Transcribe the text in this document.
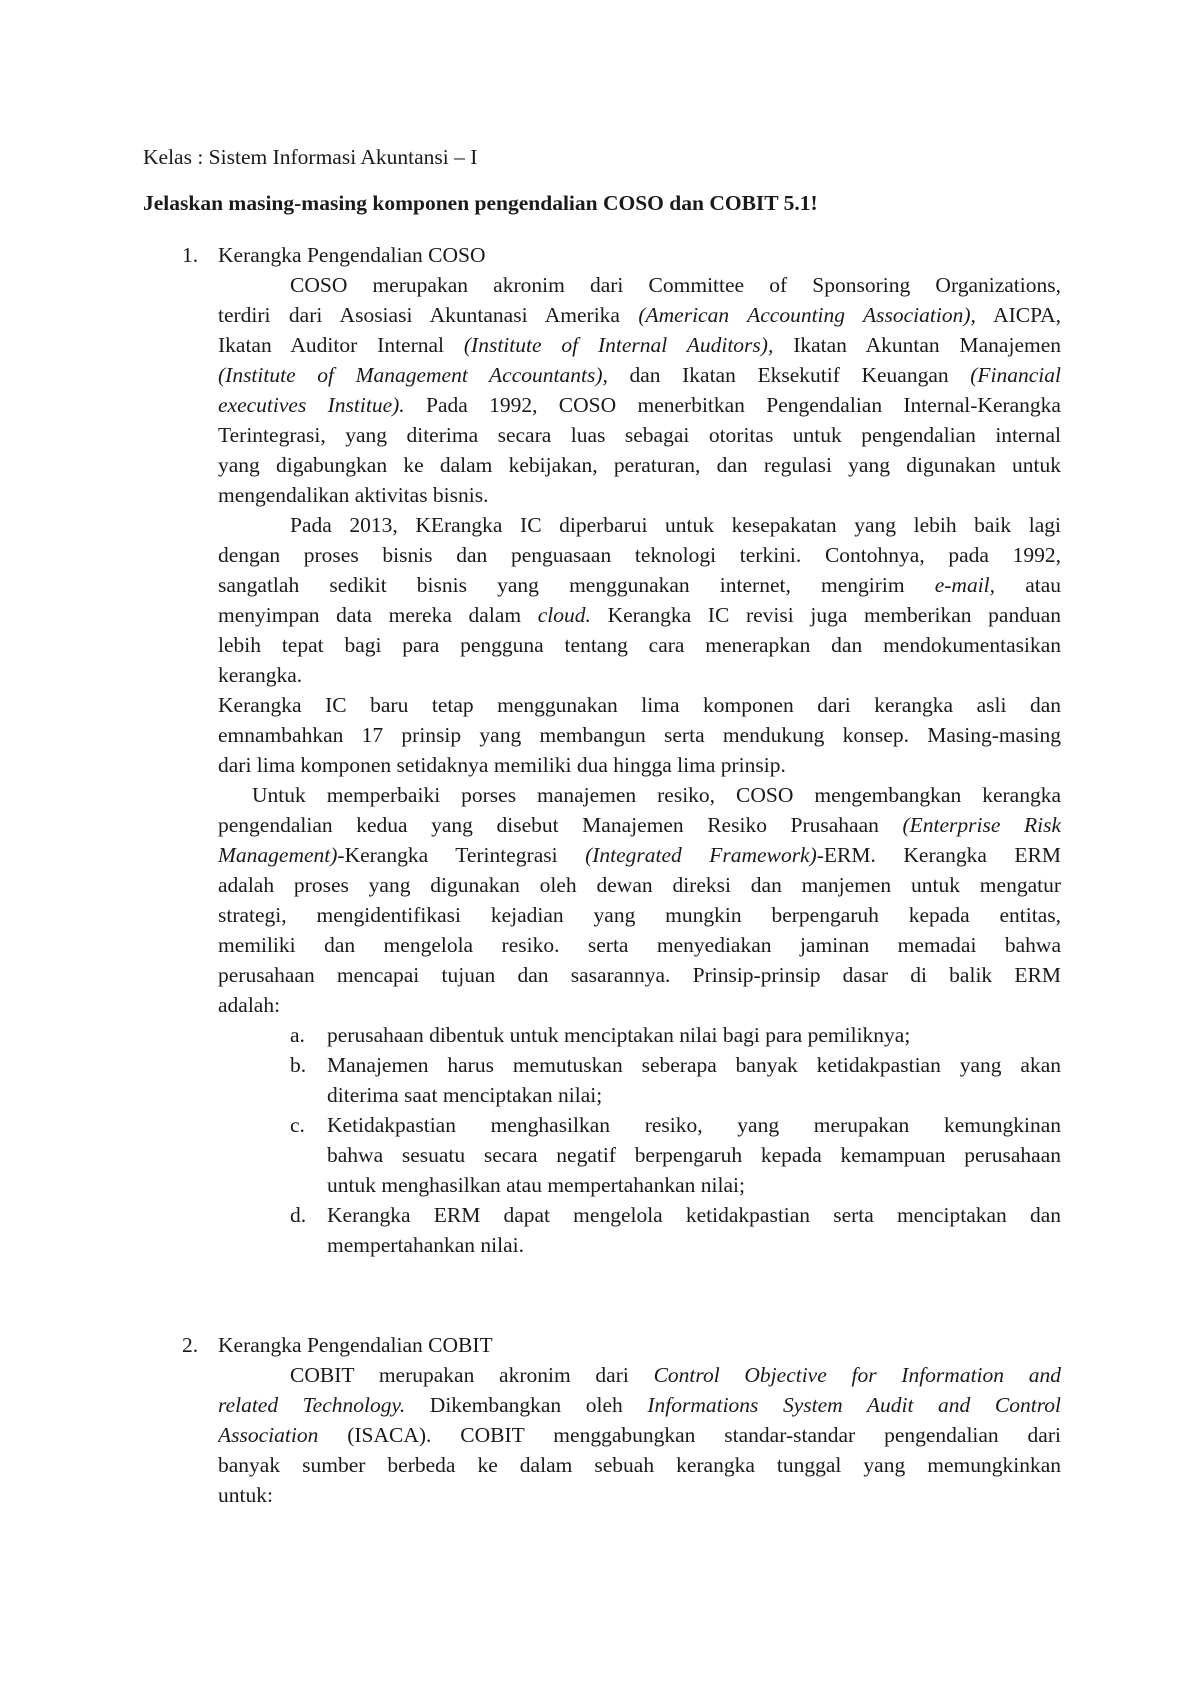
Kelas : Sistem Informasi Akuntansi – I
Jelaskan masing-masing komponen pengendalian COSO dan COBIT 5.1!
1. Kerangka Pengendalian COSO
COSO merupakan akronim dari Committee of Sponsoring Organizations,
terdiri dari Asosiasi Akuntanasi Amerika (American Accounting Association), AICPA,
Ikatan Auditor Internal (Institute of Internal Auditors), Ikatan Akuntan Manajemen
(Institute of Management Accountants), dan Ikatan Eksekutif Keuangan (Financial
executives Institue). Pada 1992, COSO menerbitkan Pengendalian Internal-Kerangka
Terintegrasi, yang diterima secara luas sebagai otoritas untuk pengendalian internal
yang digabungkan ke dalam kebijakan, peraturan, dan regulasi yang digunakan untuk
mengendalikan aktivitas bisnis.
Pada 2013, KErangka IC diperbarui untuk kesepakatan yang lebih baik lagi
dengan proses bisnis dan penguasaan teknologi terkini. Contohnya, pada 1992,
sangatlah sedikit bisnis yang menggunakan internet, mengirim e-mail, atau
menyimpan data mereka dalam cloud. Kerangka IC revisi juga memberikan panduan
lebih tepat bagi para pengguna tentang cara menerapkan dan mendokumentasikan
kerangka.
Kerangka IC baru tetap menggunakan lima komponen dari kerangka asli dan
emnambahkan 17 prinsip yang membangun serta mendukung konsep. Masing-masing
dari lima komponen setidaknya memiliki dua hingga lima prinsip.
Untuk memperbaiki porses manajemen resiko, COSO mengembangkan kerangka
pengendalian kedua yang disebut Manajemen Resiko Prusahaan (Enterprise Risk
Management)-Kerangka Terintegrasi (Integrated Framework)-ERM. Kerangka ERM
adalah proses yang digunakan oleh dewan direksi dan manjemen untuk mengatur
strategi, mengidentifikasi kejadian yang mungkin berpengaruh kepada entitas,
memiliki dan mengelola resiko. serta menyediakan jaminan memadai bahwa
perusahaan mencapai tujuan dan sasarannya. Prinsip-prinsip dasar di balik ERM
adalah:
a. perusahaan dibentuk untuk menciptakan nilai bagi para pemiliknya;
b. Manajemen harus memutuskan seberapa banyak ketidakpastian yang akan
diterima saat menciptakan nilai;
c. Ketidakpastian menghasilkan resiko, yang merupakan kemungkinan
bahwa sesuatu secara negatif berpengaruh kepada kemampuan perusahaan
untuk menghasilkan atau mempertahankan nilai;
d. Kerangka ERM dapat mengelola ketidakpastian serta menciptakan dan
mempertahankan nilai.
2. Kerangka Pengendalian COBIT
COBIT merupakan akronim dari Control Objective for Information and
related Technology. Dikembangkan oleh Informations System Audit and Control
Association (ISACA). COBIT menggabungkan standar-standar pengendalian dari
banyak sumber berbeda ke dalam sebuah kerangka tunggal yang memungkinkan
untuk:
